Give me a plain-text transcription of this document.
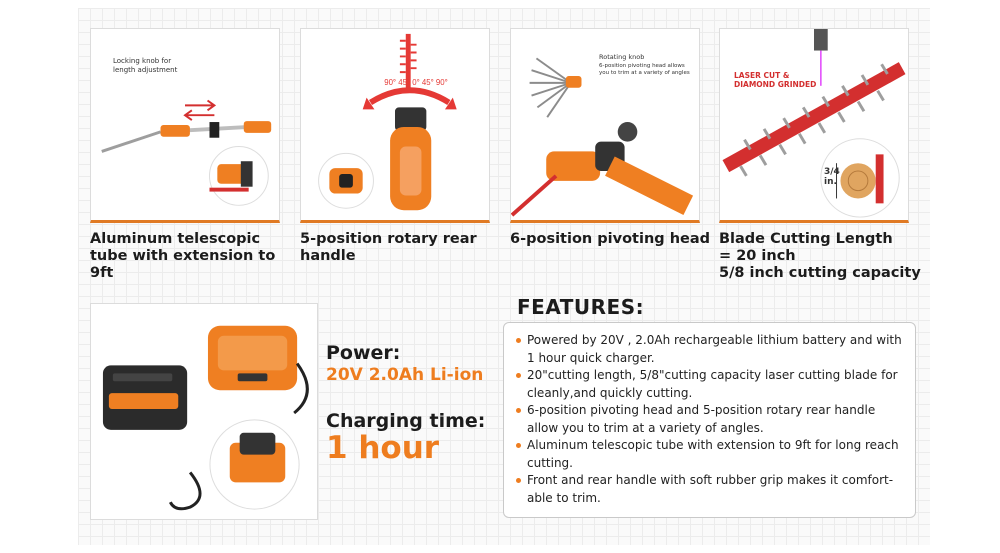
Locking knob for
length adjustment
90° 45° 0° 45° 90°
Rotating knob
6-position pivoting head allows
you to trim at a variety of angles	LASER CUT &
DIAMOND GRINDED
3/4
in.
Aluminum telescopic
tube with extension to
9ft
5-position rotary rear
handle
6-position pivoting head Blade Cutting Length
= 20 inch
5/8 inch cutting capacity
Power:
20V 2.0Ah Li-ion
Charging time:
1 hour
FEATURES:
Powered by 20V , 2.0Ah rechargeable lithium battery and with 1 hour quick charger.
20"cutting length, 5/8"cutting capacity laser cutting blade for cleanly,and quickly cutting.
6-position pivoting head and 5-position rotary rear handle allow you to trim at a variety of angles.
Aluminum telescopic tube with extension to 9ft for long reach cutting.
Front and rear handle with soft rubber grip makes it comfort-able to trim.
